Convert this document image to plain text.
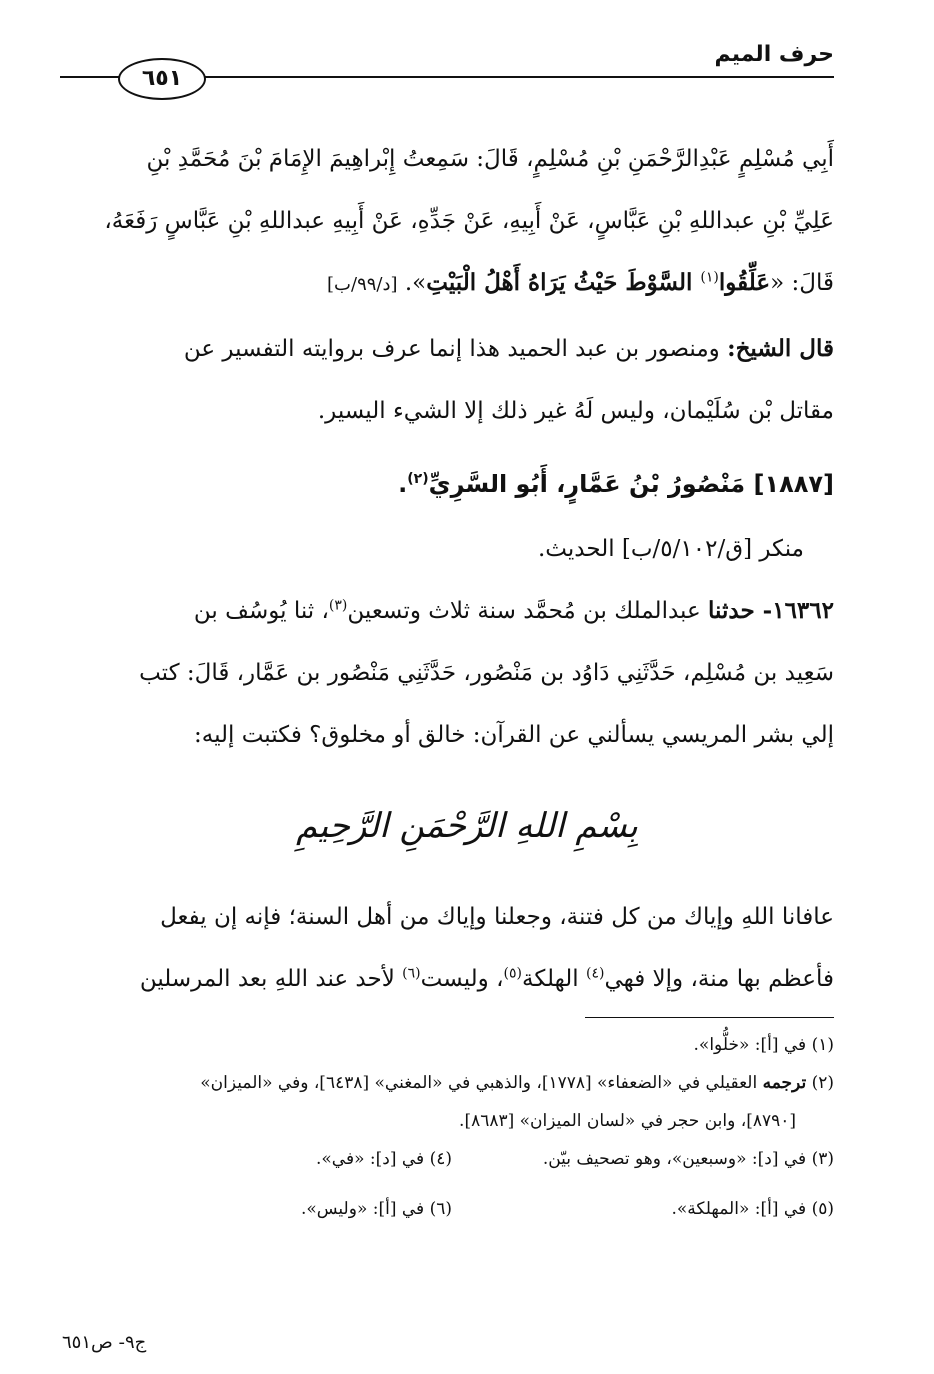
حرف الميم
٦٥١
أَبِي مُسْلِمٍ عَبْدِالرَّحْمَنِ بْنِ مُسْلِمٍ، قَالَ: سَمِعتُ إِبْراهِيمَ الإِمَامَ بْنَ مُحَمَّدِ بْنِ
عَلِيِّ بْنِ عبداللهِ بْنِ عَبَّاسٍ، عَنْ أَبِيهِ، عَنْ جَدِّهِ، عَنْ أَبِيهِ عبداللهِ بْنِ عَبَّاسٍ رَفَعَهُ،
قَالَ: «عَلِّقُوا$^{(١)}$ السَّوْطَ حَيْثُ يَرَاهُ أَهْلُ الْبَيْتِ». [د/٩٩/ب]
قال الشيخ: ومنصور بن عبد الحميد هذا إنما عرف بروايته التفسير عن
مقاتل بْن سُلَيْمان، وليس لَهُ غير ذلك إلا الشيء اليسير.
[١٨٨٧] مَنْصُورُ بْنُ عَمَّارٍ، أَبُو السَّرِيِّ$^{(٢)}$.
منكر [ق/٥/١٠٢/ب] الحديث.
١٦٣٦٢- حدثنا عبدالملك بن مُحمَّد سنة ثلاث وتسعين$^{(٣)}$، ثنا يُوسُف بن
سَعِيد بن مُسْلِم، حَدَّثَنِي دَاوُد بن مَنْصُور، حَدَّثَنِي مَنْصُور بن عَمَّار، قَالَ: كتب
إلي بشر المريسي يسألني عن القرآن: خالق أو مخلوق؟ فكتبت إليه:
بِسْمِ اللهِ الرَّحْمَنِ الرَّحِيمِ
عافانا اللهِ وإياك من كل فتنة، وجعلنا وإياك من أهل السنة؛ فإنه إن يفعل
فأعظم بها منة، وإلا فهي$^{(٤)}$ الهلكة$^{(٥)}$، وليست$^{(٦)}$ لأحد عند اللهِ بعد المرسلين
(١) في [أ]: «خلُّوا».
(٢) ترجمه العقيلي في «الضعفاء» [١٧٧٨]، والذهبي في «المغني» [٦٤٣٨]، وفي «الميزان»
[٨٧٩٠]، وابن حجر في «لسان الميزان» [٨٦٨٣].
(٣) في [د]: «وسبعين»، وهو تصحيف بيّن.
(٤) في [د]: «في».
(٥) في [أ]: «المهلكة».
(٦) في [أ]: «وليس».
ج٩- ص٦٥١
